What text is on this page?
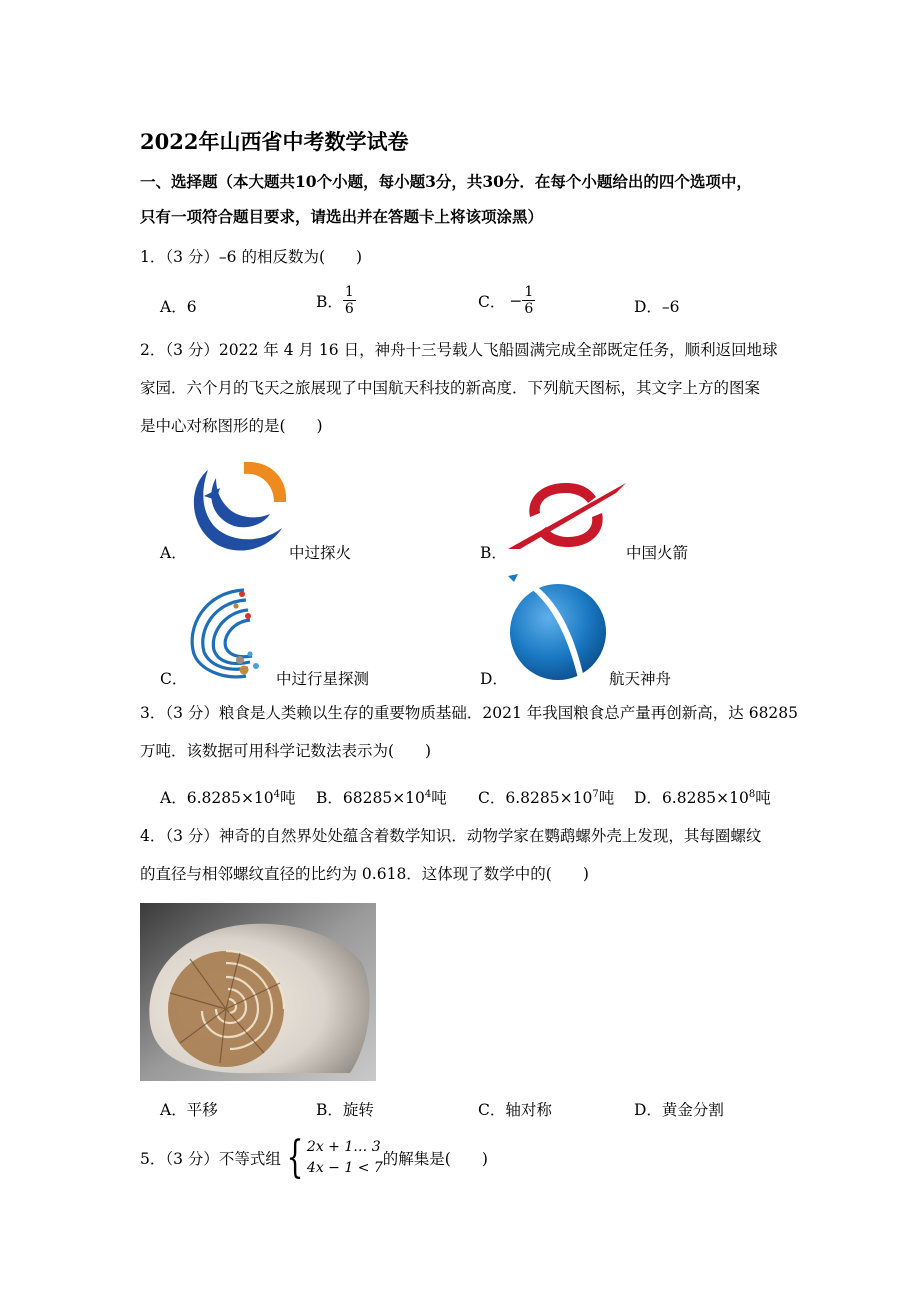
2022年山西省中考数学试卷
一、选择题（本大题共10个小题，每小题3分，共30分．在每个小题给出的四个选项中，
只有一项符合题目要求，请选出并在答题卡上将该项涂黑）
1．（3 分）–6 的相反数为(　　)
A．6	B． $\frac{1}{6}$	C． − $\frac{1}{6}$	D．–6
2．（3 分）2022 年 4 月 16 日，神舟十三号载人飞船圆满完成全部既定任务，顺利返回地球
家园．六个月的飞天之旅展现了中国航天科技的新高度．下列航天图标，其文字上方的图案
是中心对称图形的是(　　)
A．	中过探火	B．	中国火箭
C．	中过行星探测	D．	航天神舟
3．（3 分）粮食是人类赖以生存的重要物质基础．2021 年我国粮食总产量再创新高，达 68285
万吨．该数据可用科学记数法表示为(　　)
A．$6.8285\times 10^4$吨 B．$68285\times 10^4$吨 C．$6.8285\times 10^7$吨 D．$6.8285\times 10^8$吨
4．（3 分）神奇的自然界处处蕴含着数学知识．动物学家在鹦鹉螺外壳上发现，其每圈螺纹
的直径与相邻螺纹直径的比约为 0.618．这体现了数学中的(　　)
A．平移	B．旋转	C．轴对称	D．黄金分割
5．（3 分）不等式组 { 2x + 1… 3
4x − 1 < 7 的解集是(　　)
